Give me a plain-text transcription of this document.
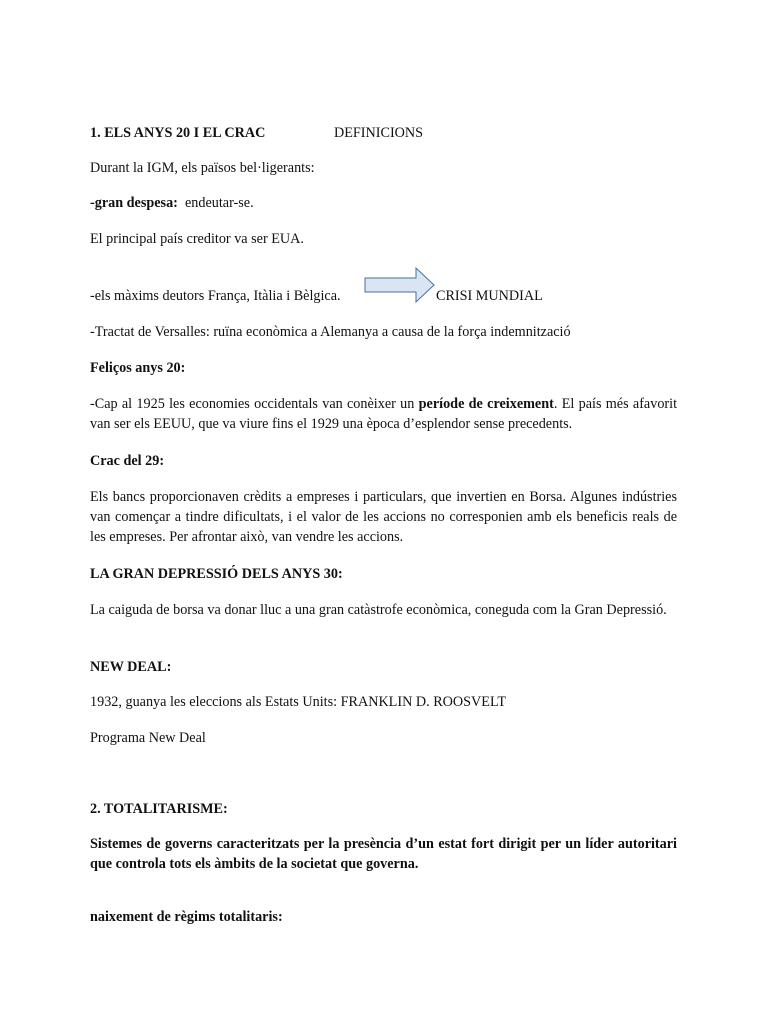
1. ELS ANYS 20 I EL CRAC	DEFINICIONS
Durant la IGM, els països bel·ligerants:
-gran despesa: endeutar-se.
El principal país creditor va ser EUA.
-els màxims deutors França, Itàlia i Bèlgica.	CRISI MUNDIAL
-Tractat de Versalles: ruïna econòmica a Alemanya a causa de la força indemnització
Feliços anys 20:
-Cap al 1925 les economies occidentals van conèixer un període de creixement. El país més afavorit van ser els EEUU, que va viure fins el 1929 una època d’esplendor sense precedents.
Crac del 29:
Els bancs proporcionaven crèdits a empreses i particulars, que invertien en Borsa. Algunes indústries van començar a tindre dificultats, i el valor de les accions no corresponien amb els beneficis reals de les empreses. Per afrontar això, van vendre les accions.
LA GRAN DEPRESSIÓ DELS ANYS 30:
La caiguda de borsa va donar lluc a una gran catàstrofe econòmica, coneguda com la Gran Depressió.
NEW DEAL:
1932, guanya les eleccions als Estats Units: FRANKLIN D. ROOSVELT
Programa New Deal
2. TOTALITARISME:
Sistemes de governs caracteritzats per la presència d’un estat fort dirigit per un líder autoritari que controla tots els àmbits de la societat que governa.
naixement de règims totalitaris:
